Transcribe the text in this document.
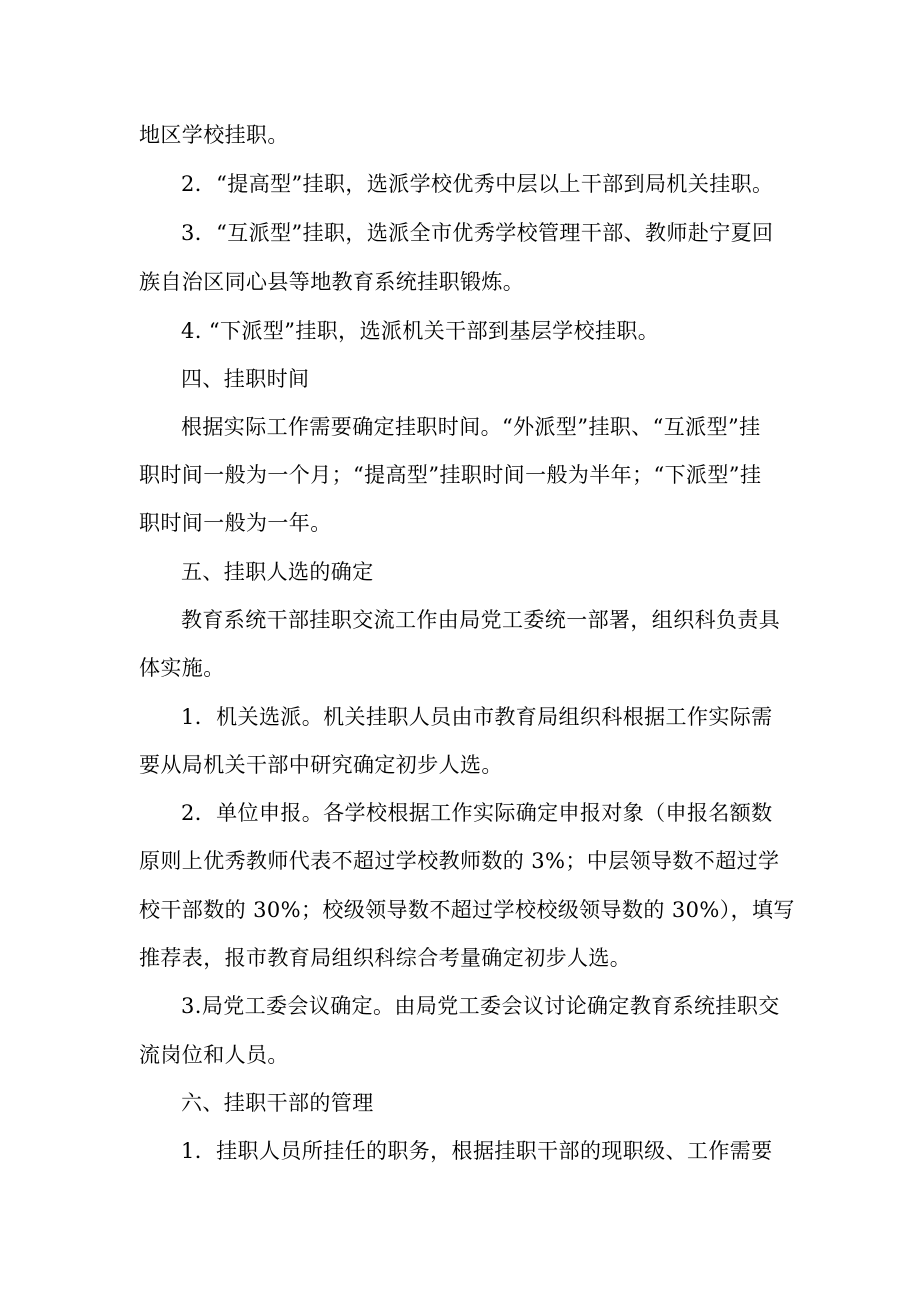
地区学校挂职。
2．“提高型”挂职，选派学校优秀中层以上干部到局机关挂职。
3．“互派型”挂职，选派全市优秀学校管理干部、教师赴宁夏回
族自治区同心县等地教育系统挂职锻炼。
4. “下派型”挂职，选派机关干部到基层学校挂职。
四、挂职时间
根据实际工作需要确定挂职时间。“外派型”挂职、“互派型”挂
职时间一般为一个月；“提高型”挂职时间一般为半年；“下派型”挂
职时间一般为一年。
五、挂职人选的确定
教育系统干部挂职交流工作由局党工委统一部署，组织科负责具
体实施。
1．机关选派。机关挂职人员由市教育局组织科根据工作实际需
要从局机关干部中研究确定初步人选。
2．单位申报。各学校根据工作实际确定申报对象（申报名额数
原则上优秀教师代表不超过学校教师数的 3%；中层领导数不超过学
校干部数的 30%；校级领导数不超过学校校级领导数的 30%），填写
推荐表，报市教育局组织科综合考量确定初步人选。
3.局党工委会议确定。由局党工委会议讨论确定教育系统挂职交
流岗位和人员。
六、挂职干部的管理
1．挂职人员所挂任的职务，根据挂职干部的现职级、工作需要
